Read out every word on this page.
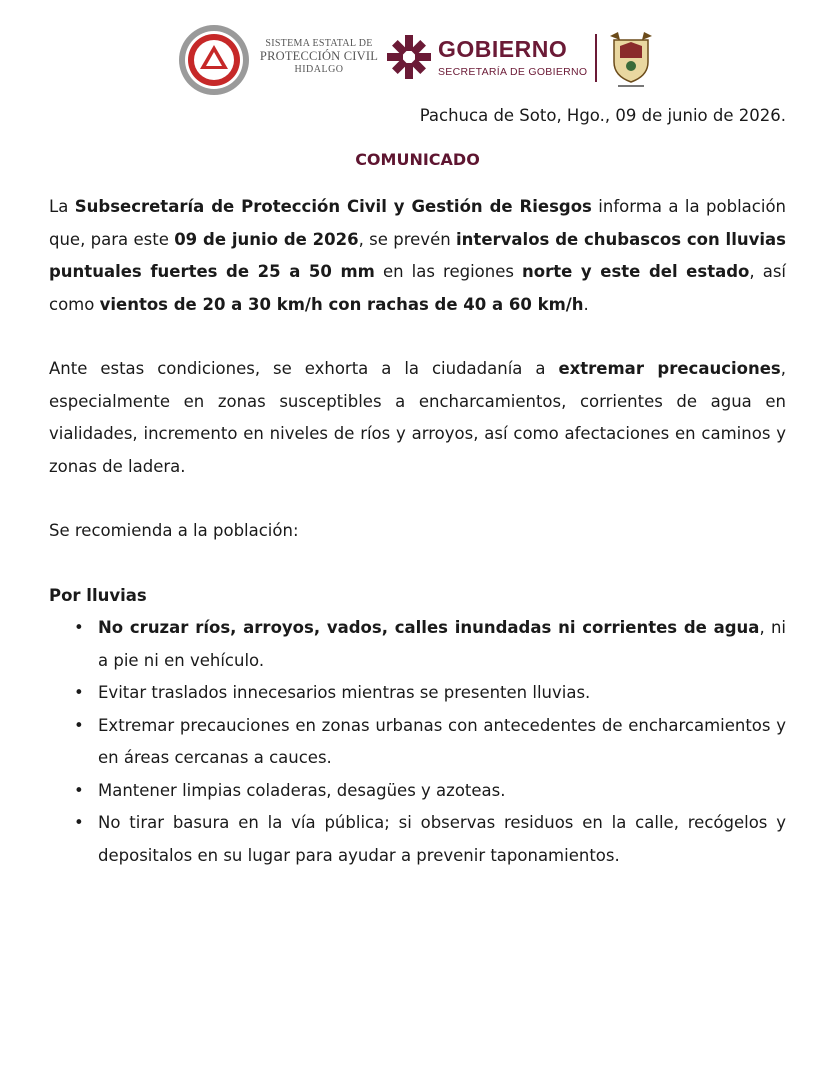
SISTEMA ESTATAL DE
PROTECCIÓN CIVIL
HIDALGO
GOBIERNO
SECRETARÍA DE GOBIERNO
Pachuca de Soto, Hgo., 09 de junio de 2026.
COMUNICADO
La Subsecretaría de Protección Civil y Gestión de Riesgos informa a la población que, para este 09 de junio de 2026, se prevén intervalos de chubascos con lluvias puntuales fuertes de 25 a 50 mm en las regiones norte y este del estado, así como vientos de 20 a 30 km/h con rachas de 40 a 60 km/h.
Ante estas condiciones, se exhorta a la ciudadanía a extremar precauciones, especialmente en zonas susceptibles a encharcamientos, corrientes de agua en vialidades, incremento en niveles de ríos y arroyos, así como afectaciones en caminos y zonas de ladera.
Se recomienda a la población:
Por lluvias
• No cruzar ríos, arroyos, vados, calles inundadas ni corrientes de agua, ni a pie ni en vehículo.
• Evitar traslados innecesarios mientras se presenten lluvias.
• Extremar precauciones en zonas urbanas con antecedentes de encharcamientos y en áreas cercanas a cauces.
• Mantener limpias coladeras, desagües y azoteas.
• No tirar basura en la vía pública; si observas residuos en la calle, recógelos y depositalos en su lugar para ayudar a prevenir taponamientos.
